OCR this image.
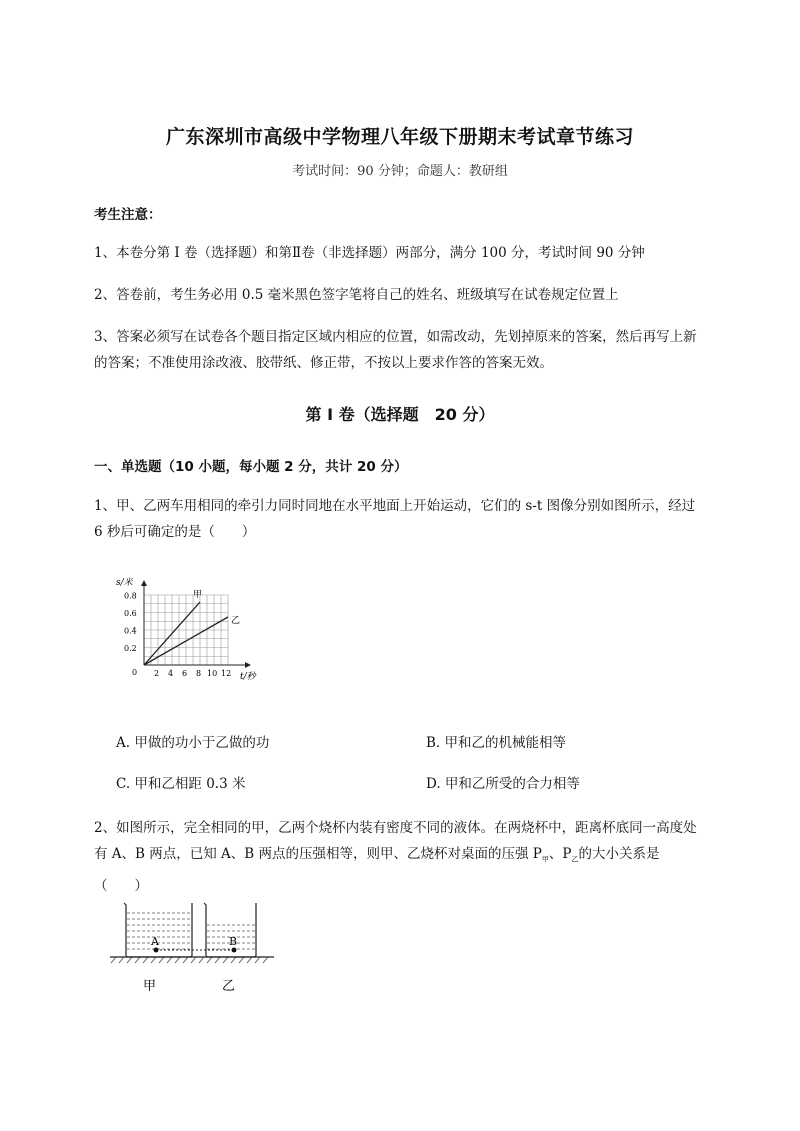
广东深圳市高级中学物理八年级下册期末考试章节练习
考试时间：90 分钟；命题人：教研组
考生注意：
1、本卷分第 I 卷（选择题）和第Ⅱ卷（非选择题）两部分，满分 100 分，考试时间 90 分钟
2、答卷前，考生务必用 0.5 毫米黑色签字笔将自己的姓名、班级填写在试卷规定位置上
3、答案必须写在试卷各个题目指定区域内相应的位置，如需改动，先划掉原来的答案，然后再写上新的答案；不准使用涂改液、胶带纸、修正带，不按以上要求作答的答案无效。
第 I 卷（选择题　20 分）
一、单选题（10 小题，每小题 2 分，共计 20 分）
1、甲、乙两车用相同的牵引力同时同地在水平地面上开始运动，它们的 s-t 图像分别如图所示，经过 6 秒后可确定的是（　　）
s/米
t/秒
0
0.2
0.4
0.6
0.8
2 4 6 8 10 12
甲
乙
A. 甲做的功小于乙做的功	B. 甲和乙的机械能相等
C. 甲和乙相距 0.3 米	D. 甲和乙所受的合力相等
2、如图所示，完全相同的甲，乙两个烧杯内装有密度不同的液体。在两烧杯中，距离杯底同一高度处
有 A、B 两点，已知 A、B 两点的压强相等，则甲、乙烧杯对桌面的压强 $P_甲$、$P_乙$的大小关系是（　　）
A	B
甲	乙
